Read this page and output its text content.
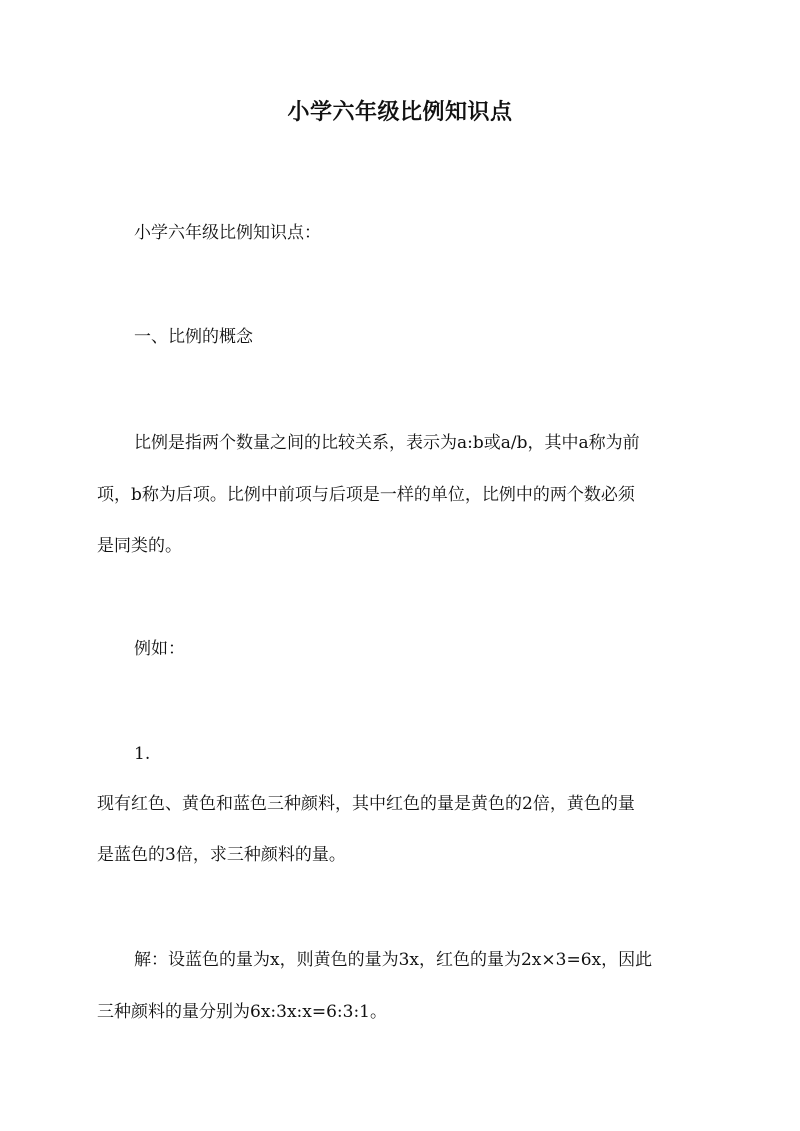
小学六年级比例知识点
小学六年级比例知识点：
一、比例的概念
比例是指两个数量之间的比较关系，表示为a:b或a/b，其中a称为前
项，b称为后项。比例中前项与后项是一样的单位，比例中的两个数必须
是同类的。
例如：
1.
现有红色、黄色和蓝色三种颜料，其中红色的量是黄色的2倍，黄色的量
是蓝色的3倍，求三种颜料的量。
解：设蓝色的量为x，则黄色的量为3x，红色的量为2x×3=6x，因此
三种颜料的量分别为6x:3x:x=6:3:1。
